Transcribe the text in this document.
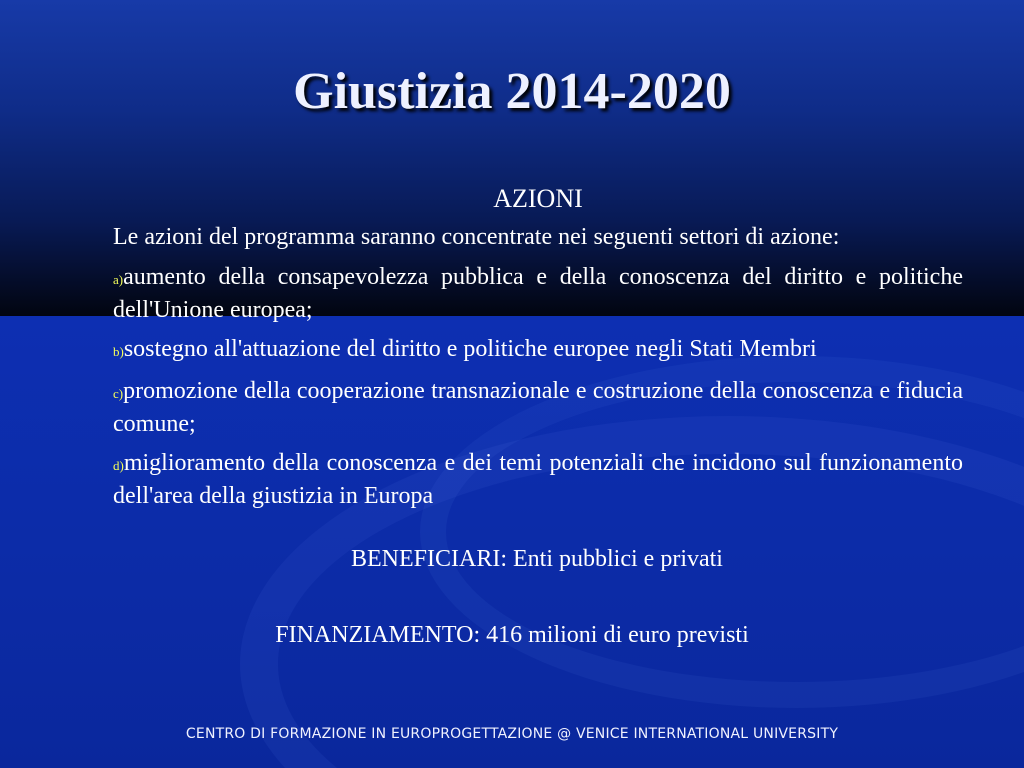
Giustizia 2014-2020

AZIONI

Le azioni del programma saranno concentrate nei seguenti settori di azione:

a)aumento della consapevolezza pubblica e della conoscenza del diritto e politiche dell'Unione europea;

b)sostegno all'attuazione del diritto e politiche europee negli Stati Membri

c)promozione della cooperazione transnazionale e costruzione della conoscenza e fiducia comune;

d)miglioramento della conoscenza e dei temi potenziali che incidono sul funzionamento dell'area della giustizia in Europa

BENEFICIARI: Enti pubblici e privati
FINANZIAMENTO: 416 milioni di euro previsti
CENTRO DI FORMAZIONE IN EUROPROGETTAZIONE @ VENICE INTERNATIONAL UNIVERSITY
